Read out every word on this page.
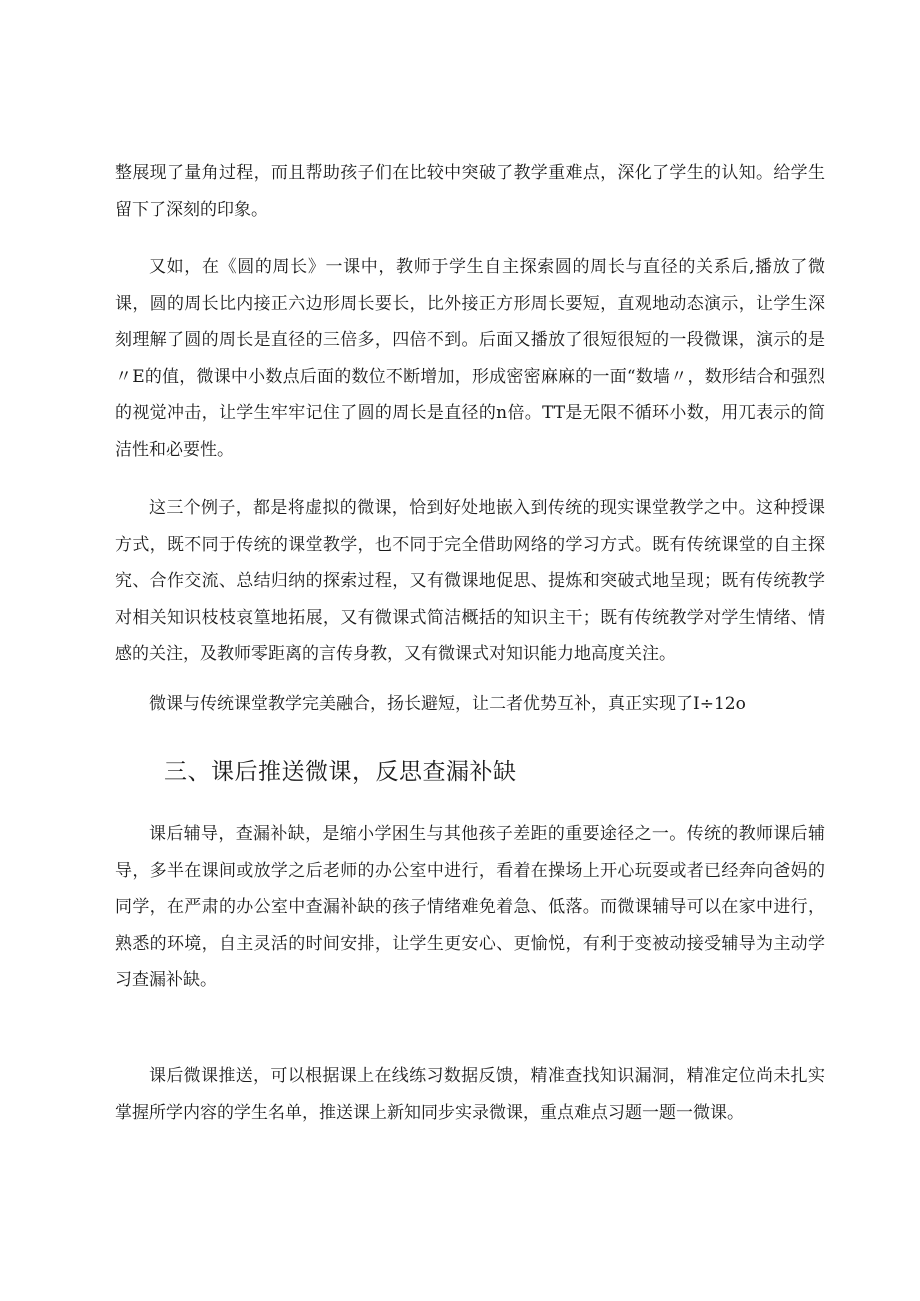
整展现了量角过程，而且帮助孩子们在比较中突破了教学重难点，深化了学生的认知。给学生留下了深刻的印象。

又如，在《圆的周长》一课中，教师于学生自主探索圆的周长与直径的关系后,播放了微课，圆的周长比内接正六边形周长要长，比外接正方形周长要短，直观地动态演示，让学生深刻理解了圆的周长是直径的三倍多，四倍不到。后面又播放了很短很短的一段微课，演示的是〃E的值，微课中小数点后面的数位不断增加，形成密密麻麻的一面“数墙〃，数形结合和强烈的视觉冲击，让学生牢牢记住了圆的周长是直径的n倍。TT是无限不循环小数，用兀表示的简洁性和必要性。

这三个例子，都是将虚拟的微课，恰到好处地嵌入到传统的现实课堂教学之中。这种授课方式，既不同于传统的课堂教学，也不同于完全借助网络的学习方式。既有传统课堂的自主探究、合作交流、总结归纳的探索过程，又有微课地促思、提炼和突破式地呈现；既有传统教学对相关知识枝枝哀篁地拓展，又有微课式简洁概括的知识主干；既有传统教学对学生情绪、情感的关注，及教师零距离的言传身教，又有微课式对知识能力地高度关注。

微课与传统课堂教学完美融合，扬长避短，让二者优势互补，真正实现了I÷12o

三、课后推送微课，反思查漏补缺

课后辅导，查漏补缺，是缩小学困生与其他孩子差距的重要途径之一。传统的教师课后辅导，多半在课间或放学之后老师的办公室中进行，看着在操场上开心玩耍或者已经奔向爸妈的同学，在严肃的办公室中查漏补缺的孩子情绪难免着急、低落。而微课辅导可以在家中进行，熟悉的环境，自主灵活的时间安排，让学生更安心、更愉悦，有利于变被动接受辅导为主动学习查漏补缺。

课后微课推送，可以根据课上在线练习数据反馈，精准查找知识漏洞，精准定位尚未扎实掌握所学内容的学生名单，推送课上新知同步实录微课，重点难点习题一题一微课。
